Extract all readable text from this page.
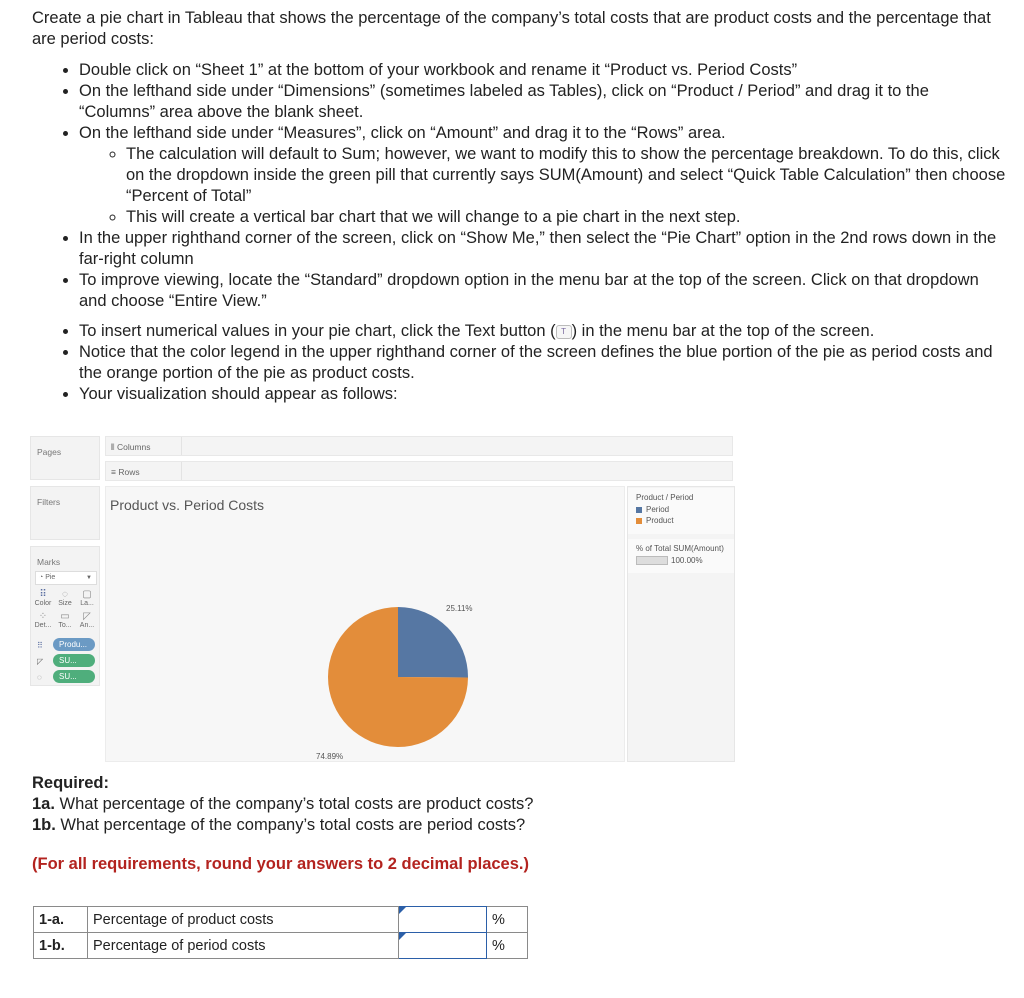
Create a pie chart in Tableau that shows the percentage of the company’s total costs that are product costs and the percentage that are period costs:
• Double click on “Sheet 1” at the bottom of your workbook and rename it “Product vs. Period Costs”
• On the lefthand side under “Dimensions” (sometimes labeled as Tables), click on “Product / Period” and drag it to the “Columns” area above the blank sheet.
• On the lefthand side under “Measures”, click on “Amount” and drag it to the “Rows” area.
◦ The calculation will default to Sum; however, we want to modify this to show the percentage breakdown. To do this, click on the dropdown inside the green pill that currently says SUM(Amount) and select “Quick Table Calculation” then choose “Percent of Total”
◦ This will create a vertical bar chart that we will change to a pie chart in the next step.
• In the upper righthand corner of the screen, click on “Show Me,” then select the “Pie Chart” option in the 2nd rows down in the far-right column
• To improve viewing, locate the “Standard” dropdown option in the menu bar at the top of the screen. Click on that dropdown and choose “Entire View.”
• To insert numerical values in your pie chart, click the Text button ( T ) in the menu bar at the top of the screen.
• Notice that the color legend in the upper righthand corner of the screen defines the blue portion of the pie as period costs and the orange portion of the pie as product costs.
• Your visualization should appear as follows:
Pages
Filters
Marks
◔ Pie	▼
⠿
Color
◌
Size
▢
La...
⁘
Det...
▭
To...
◸
An...
⠿	Produ...
◸	SU...
◌	SU...
⫴ Columns
≡ Rows
Product vs. Period Costs
25.11%
74.89%
Product / Period
Period
Product
% of Total SUM(Amount)
100.00%
Required:
1a. What percentage of the company’s total costs are product costs?
1b. What percentage of the company’s total costs are period costs?
(For all requirements, round your answers to 2 decimal places.)
1-a.	Percentage of product costs		%
1-b.	Percentage of period costs		%
